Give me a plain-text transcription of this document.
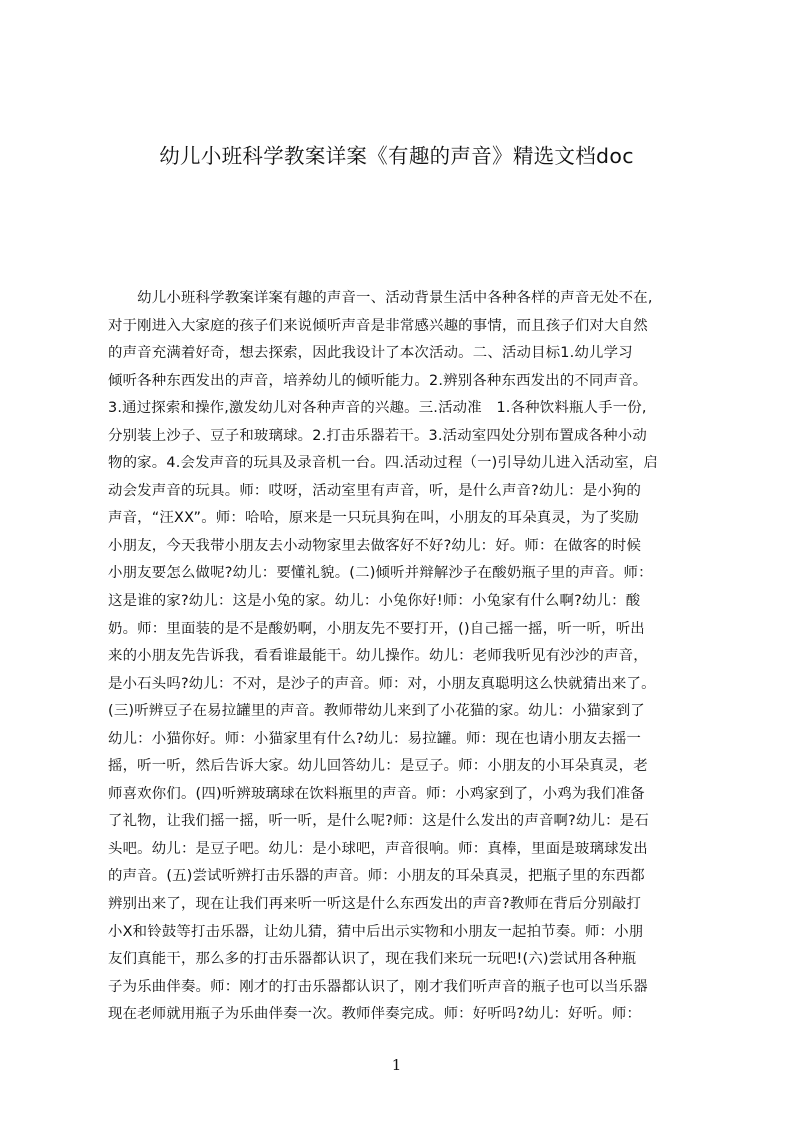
幼儿小班科学教案详案《有趣的声音》精选文档doc
　　幼儿小班科学教案详案有趣的声音一、活动背景生活中各种各样的声音无处不在,
对于刚进入大家庭的孩子们来说倾听声音是非常感兴趣的事情，而且孩子们对大自然
的声音充满着好奇，想去探索，因此我设计了本次活动。二、活动目标1.幼儿学习
倾听各种东西发出的声音，培养幼儿的倾听能力。2.辨别各种东西发出的不同声音。
3.通过探索和操作,激发幼儿对各种声音的兴趣。三.活动准　1.各种饮料瓶人手一份,
分别装上沙子、豆子和玻璃球。2.打击乐器若干。3.活动室四处分别布置成各种小动
物的家。4.会发声音的玩具及录音机一台。四.活动过程（一)引导幼儿进入活动室，启
动会发声音的玩具。师：哎呀，活动室里有声音，听，是什么声音?幼儿：是小狗的
声音，“汪XX”。师：哈哈，原来是一只玩具狗在叫，小朋友的耳朵真灵，为了奖励
小朋友，今天我带小朋友去小动物家里去做客好不好?幼儿：好。师：在做客的时候
小朋友要怎么做呢?幼儿：要懂礼貌。(二)倾听并辩解沙子在酸奶瓶子里的声音。师：
这是谁的家?幼儿：这是小兔的家。幼儿：小兔你好!师：小兔家有什么啊?幼儿：酸
奶。师：里面装的是不是酸奶啊，小朋友先不要打开，()自己摇一摇，听一听，听出
来的小朋友先告诉我，看看谁最能干。幼儿操作。幼儿：老师我听见有沙沙的声音，
是小石头吗?幼儿：不对，是沙子的声音。师：对，小朋友真聪明这么快就猜出来了。
(三)听辨豆子在易拉罐里的声音。教师带幼儿来到了小花猫的家。幼儿：小猫家到了
幼儿：小猫你好。师：小猫家里有什么?幼儿：易拉罐。师：现在也请小朋友去摇一
摇，听一听，然后告诉大家。幼儿回答幼儿：是豆子。师：小朋友的小耳朵真灵，老
师喜欢你们。(四)听辨玻璃球在饮料瓶里的声音。师：小鸡家到了，小鸡为我们准备
了礼物，让我们摇一摇，听一听，是什么呢?师：这是什么发出的声音啊?幼儿：是石
头吧。幼儿：是豆子吧。幼儿：是小球吧，声音很响。师：真棒，里面是玻璃球发出
的声音。(五)尝试听辨打击乐器的声音。师：小朋友的耳朵真灵，把瓶子里的东西都
辨别出来了，现在让我们再来听一听这是什么东西发出的声音?教师在背后分别敲打
小X和铃鼓等打击乐器，让幼儿猜，猜中后出示实物和小朋友一起拍节奏。师：小朋
友们真能干，那么多的打击乐器都认识了，现在我们来玩一玩吧!(六)尝试用各种瓶
子为乐曲伴奏。师：刚才的打击乐器都认识了，刚才我们听声音的瓶子也可以当乐器
现在老师就用瓶子为乐曲伴奏一次。教师伴奏完成。师：好听吗?幼儿：好听。师：
1
